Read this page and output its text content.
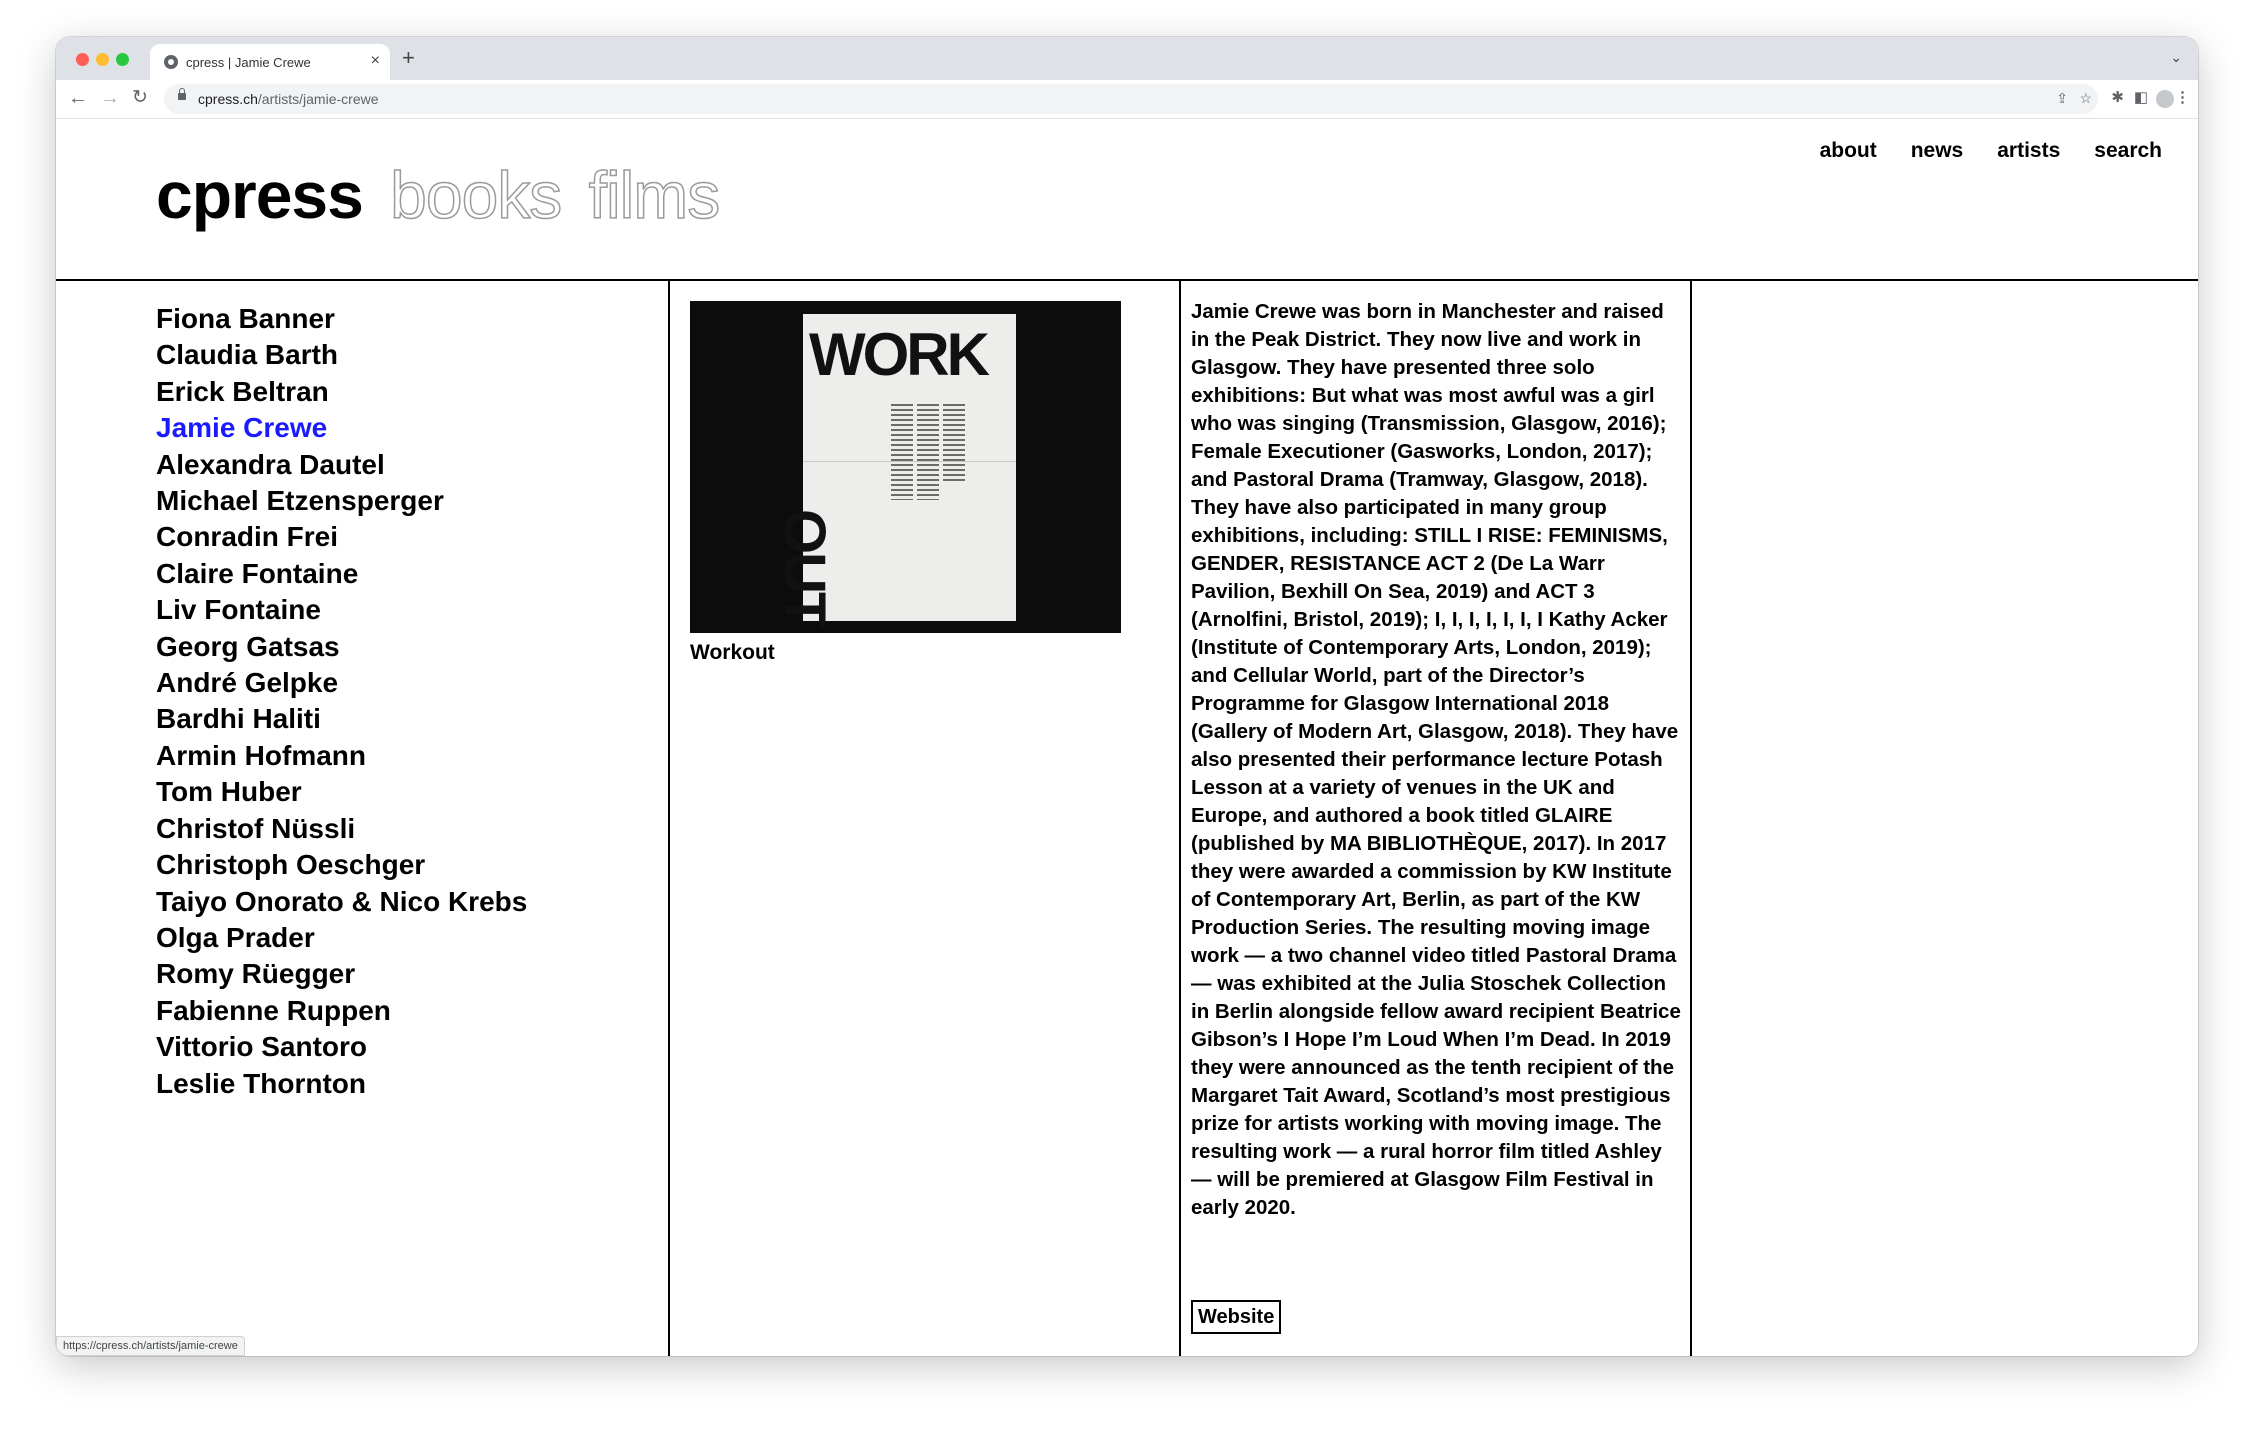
cpress | Jamie Crewe	× +	⌄
← → ↻	cpress.ch/artists/jamie-crewe	⇪ ☆ ✱ ◧ ⋮
cpress books films
about news artists search
Fiona Banner
Claudia Barth
Erick Beltran
Jamie Crewe
Alexandra Dautel
Michael Etzensperger
Conradin Frei
Claire Fontaine
Liv Fontaine
Georg Gatsas
André Gelpke
Bardhi Haliti
Armin Hofmann
Tom Huber
Christof Nüssli
Christoph Oeschger
Taiyo Onorato & Nico Krebs
Olga Prader
Romy Rüegger
Fabienne Ruppen
Vittorio Santoro
Leslie Thornton
WORK
OUT
Workout

Jamie Crewe was born in Manchester and raised in the Peak District. They now live and work in Glasgow. They have presented three solo exhibitions: But what was most awful was a girl who was singing (Transmission, Glasgow, 2016); Female Executioner (Gasworks, London, 2017); and Pastoral Drama (Tramway, Glasgow, 2018). They have also participated in many group exhibitions, including: STILL I RISE: FEMINISMS, GENDER, RESISTANCE ACT 2 (De La Warr Pavilion, Bexhill On Sea, 2019) and ACT 3 (Arnolfini, Bristol, 2019); I, I, I, I, I, I, I Kathy Acker (Institute of Contemporary Arts, London, 2019); and Cellular World, part of the Director’s Programme for Glasgow International 2018 (Gallery of Modern Art, Glasgow, 2018). They have also presented their performance lecture Potash Lesson at a variety of venues in the UK and Europe, and authored a book titled GLAIRE (published by MA BIBLIOTHÈQUE, 2017). In 2017 they were awarded a commission by KW Institute of Contemporary Art, Berlin, as part of the KW Production Series. The resulting moving image work — a two channel video titled Pastoral Drama — was exhibited at the Julia Stoschek Collection in Berlin alongside fellow award recipient Beatrice Gibson’s I Hope I’m Loud When I’m Dead. In 2019 they were announced as the tenth recipient of the Margaret Tait Award, Scotland’s most prestigious prize for artists working with moving image. The resulting work — a rural horror film titled Ashley — will be premiered at Glasgow Film Festival in early 2020.

Website
https://cpress.ch/artists/jamie-crewe
